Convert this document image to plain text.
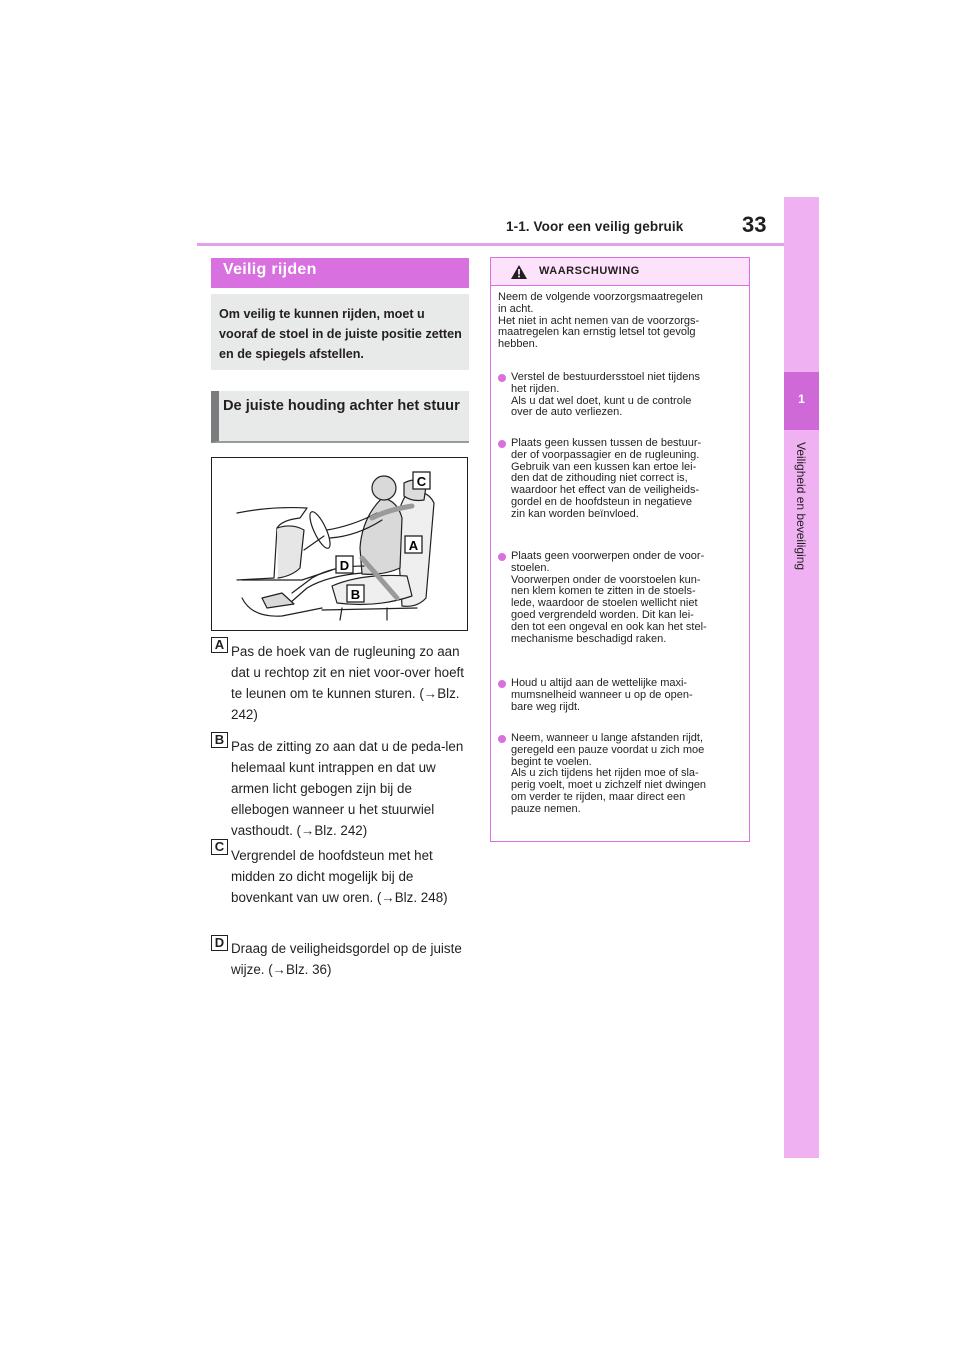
1-1. Voor een veilig gebruik	33
1
Veiligheid en beveiliging
Veilig rijden

Om veilig te kunnen rijden, moet u vooraf de stoel in de juiste positie zetten en de spiegels afstellen.

De juiste houding achter het stuur
C
A
D
B
A Pas de hoek van de rugleuning zo aan dat u rechtop zit en niet voor-over hoeft te leunen om te kunnen sturen. (→Blz. 242)
B Pas de zitting zo aan dat u de peda-len helemaal kunt intrappen en dat uw armen licht gebogen zijn bij de ellebogen wanneer u het stuurwiel vasthoudt. (→Blz. 242)
C
Vergrendel de hoofdsteun met het midden zo dicht mogelijk bij de bovenkant van uw oren. (→Blz. 248)
D Draag de veiligheidsgordel op de juiste wijze. (→Blz. 36)
WAARSCHUWING
Neem de volgende voorzorgsmaatregelen
in acht.
Het niet in acht nemen van de voorzorgs-
maatregelen kan ernstig letsel tot gevolg
hebben.
Verstel de bestuurdersstoel niet tijdens
het rijden.
Als u dat wel doet, kunt u de controle
over de auto verliezen.
Plaats geen kussen tussen de bestuur-
der of voorpassagier en de rugleuning.
Gebruik van een kussen kan ertoe lei-
den dat de zithouding niet correct is,
waardoor het effect van de veiligheids-
gordel en de hoofdsteun in negatieve
zin kan worden beïnvloed.
Plaats geen voorwerpen onder de voor-
stoelen.
Voorwerpen onder de voorstoelen kun-
nen klem komen te zitten in de stoels-
lede, waardoor de stoelen wellicht niet
goed vergrendeld worden. Dit kan lei-
den tot een ongeval en ook kan het stel-
mechanisme beschadigd raken.
Houd u altijd aan de wettelijke maxi-
mumsnelheid wanneer u op de open-
bare weg rijdt.
Neem, wanneer u lange afstanden rijdt,
geregeld een pauze voordat u zich moe
begint te voelen.
Als u zich tijdens het rijden moe of sla-
perig voelt, moet u zichzelf niet dwingen
om verder te rijden, maar direct een
pauze nemen.
